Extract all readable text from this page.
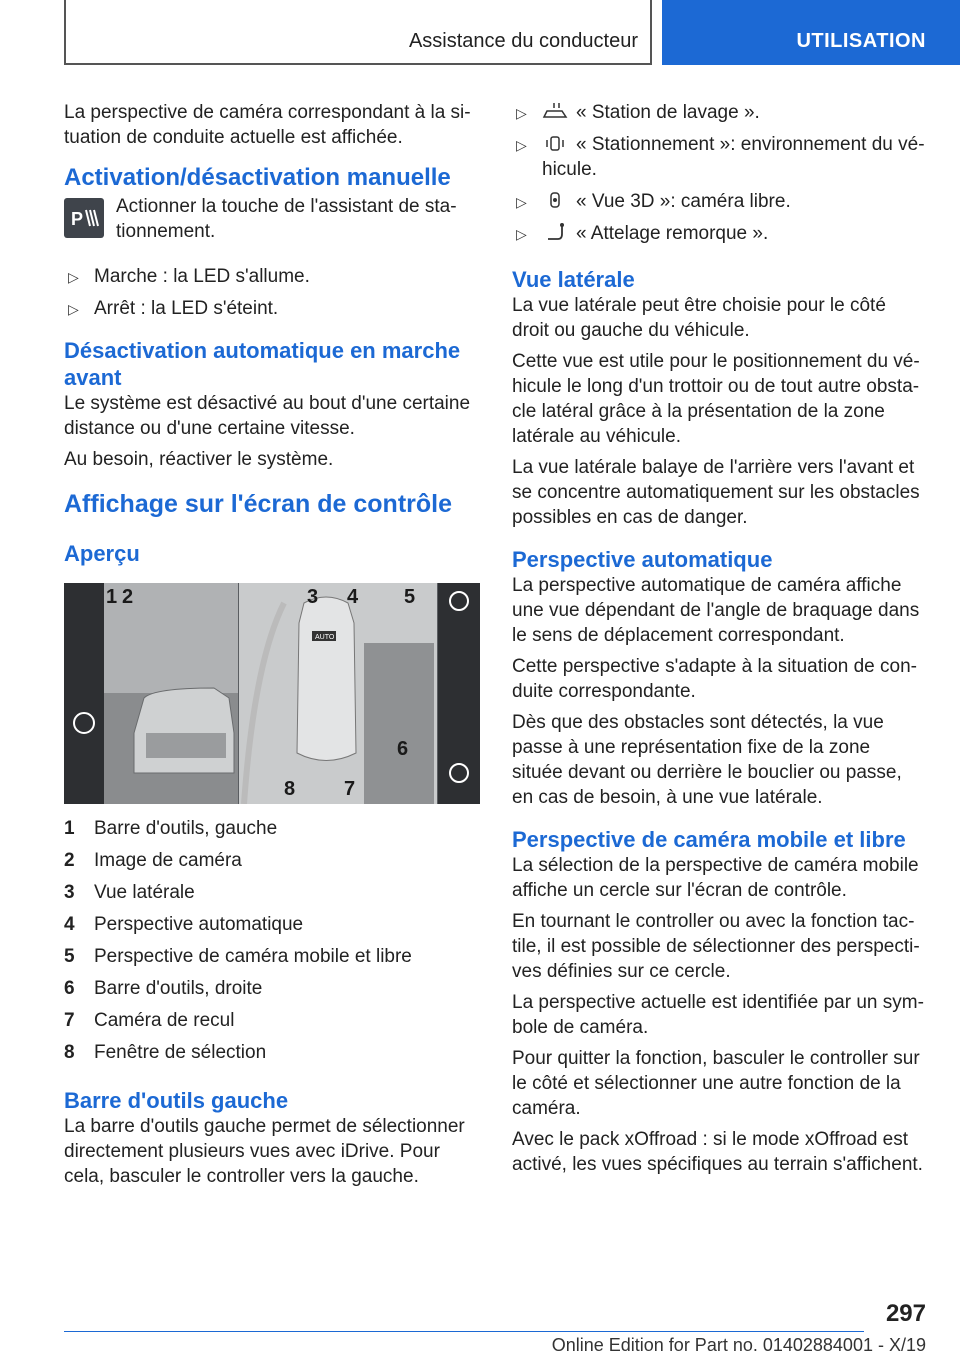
Assistance du conducteur	UTILISATION

La perspective de caméra correspondant à la situation de conduite actuelle est affichée.

Activation/désactivation manuelle
P
Actionner la touche de l'assistant de stationnement.
▷ Marche : la LED s'allume.
▷ Arrêt : la LED s'éteint.
Désactivation automatique en marche avant

Le système est désactivé au bout d'une certaine distance ou d'une certaine vitesse.

Au besoin, réactiver le système.

Affichage sur l'écran de contrôle
Aperçu
AUTO
1 2	3 4 5
6
7
8
1 Barre d'outils, gauche
2 Image de caméra
3 Vue latérale
4 Perspective automatique
5 Perspective de caméra mobile et libre
6 Barre d'outils, droite
7 Caméra de recul
8 Fenêtre de sélection
Barre d'outils gauche

La barre d'outils gauche permet de sélectionner directement plusieurs vues avec iDrive. Pour cela, basculer le controller vers la gauche.

▷	« Station de lavage ».
▷	« Stationnement »: environnement du véhicule.
▷	« Vue 3D »: caméra libre.
▷	« Attelage remorque ».
Vue latérale

La vue latérale peut être choisie pour le côté droit ou gauche du véhicule.

Cette vue est utile pour le positionnement du véhicule le long d'un trottoir ou de tout autre obstacle latéral grâce à la présentation de la zone latérale au véhicule.

La vue latérale balaye de l'arrière vers l'avant et se concentre automatiquement sur les obstacles possibles en cas de danger.

Perspective automatique

La perspective automatique de caméra affiche une vue dépendant de l'angle de braquage dans le sens de déplacement correspondant.

Cette perspective s'adapte à la situation de conduite correspondante.

Dès que des obstacles sont détectés, la vue passe à une représentation fixe de la zone située devant ou derrière le bouclier ou passe, en cas de besoin, à une vue latérale.

Perspective de caméra mobile et libre

La sélection de la perspective de caméra mobile affiche un cercle sur l'écran de contrôle.

En tournant le controller ou avec la fonction tactile, il est possible de sélectionner des perspectives définies sur ce cercle.

La perspective actuelle est identifiée par un symbole de caméra.

Pour quitter la fonction, basculer le controller sur le côté et sélectionner une autre fonction de la caméra.

Avec le pack xOffroad : si le mode xOffroad est activé, les vues spécifiques au terrain s'affichent.

297
Online Edition for Part no. 01402884001 - X/19
